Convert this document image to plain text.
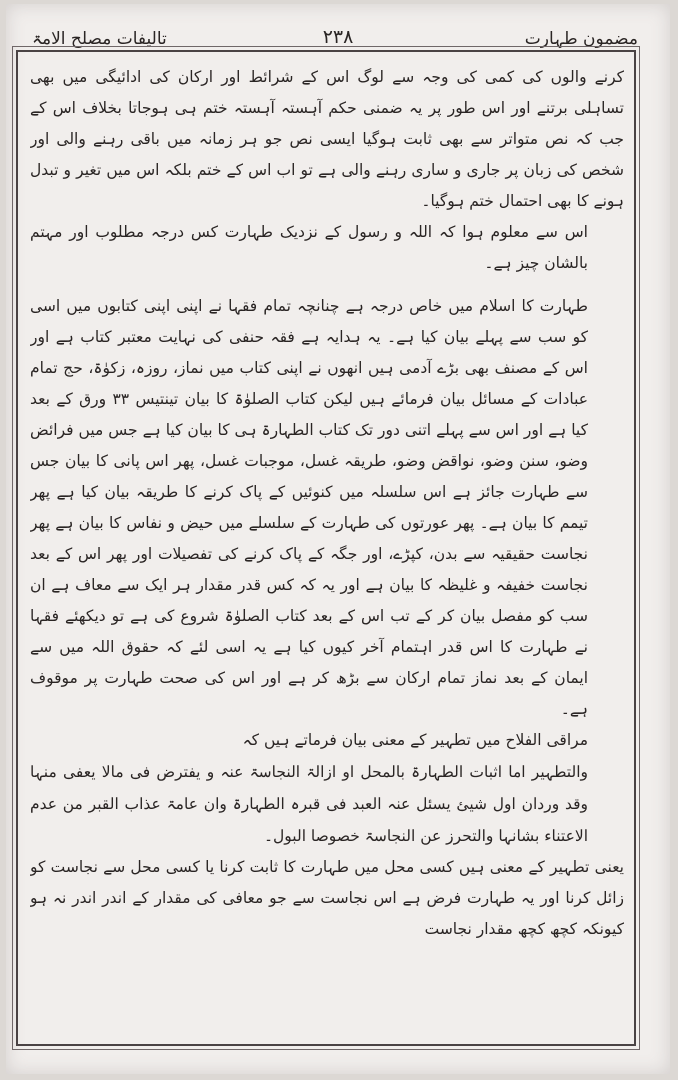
تالیفات مصلح الامۃ	۲۳۸	مضمون طہارت

کرنے والوں کی کمی کی وجہ سے لوگ اس کے شرائط اور ارکان کی ادائیگی میں بھی تساہلی برتنے اور اس طور پر یہ ضمنی حکم آہستہ آہستہ ختم ہی ہوجاتا بخلاف اس کے جب کہ نص متواتر سے بھی ثابت ہوگیا ایسی نص جو ہر زمانہ میں باقی رہنے والی اور شخص کی زبان پر جاری و ساری رہنے والی ہے تو اب اس کے ختم بلکہ اس میں تغیر و تبدل ہونے کا بھی احتمال ختم ہوگیا۔

اس سے معلوم ہوا کہ اللہ و رسول کے نزدیک طہارت کس درجہ مطلوب اور مہتم بالشان چیز ہے۔

طہارت کا اسلام میں خاص درجہ ہے چنانچہ تمام فقہا نے اپنی اپنی کتابوں میں اسی کو سب سے پہلے بیان کیا ہے۔ یہ ہدایہ ہے فقہ حنفی کی نہایت معتبر کتاب ہے اور اس کے مصنف بھی بڑے آدمی ہیں انھوں نے اپنی کتاب میں نماز، روزہ، زکوٰۃ، حج تمام عبادات کے مسائل بیان فرمائے ہیں لیکن کتاب الصلوٰۃ کا بیان تینتیس ۳۳ ورق کے بعد کیا ہے اور اس سے پہلے اتنی دور تک کتاب الطہارۃ ہی کا بیان کیا ہے جس میں فرائض وضو، سنن وضو، نواقض وضو، طریقہ غسل، موجبات غسل، پھر اس پانی کا بیان جس سے طہارت جائز ہے اس سلسلہ میں کنوئیں کے پاک کرنے کا طریقہ بیان کیا ہے پھر تیمم کا بیان ہے۔ پھر عورتوں کی طہارت کے سلسلے میں حیض و نفاس کا بیان ہے پھر نجاست حقیقیہ سے بدن، کپڑے، اور جگہ کے پاک کرنے کی تفصیلات اور پھر اس کے بعد نجاست خفیفہ و غلیظہ کا بیان ہے اور یہ کہ کس قدر مقدار ہر ایک سے معاف ہے ان سب کو مفصل بیان کر کے تب اس کے بعد کتاب الصلوٰۃ شروع کی ہے تو دیکھئے فقہا نے طہارت کا اس قدر اہتمام آخر کیوں کیا ہے یہ اسی لئے کہ حقوق اللہ میں سے ایمان کے بعد نماز تمام ارکان سے بڑھ کر ہے اور اس کی صحت طہارت پر موقوف ہے۔

مراقی الفلاح میں تطہیر کے معنی بیان فرماتے ہیں کہ

والتطہیر اما اثبات الطہارۃ بالمحل او ازالۃ النجاسۃ عنہ و یفترض فی مالا یعفی منہا وقد وردان اول شیئ یسئل عنہ العبد فی قبرہ الطہارۃ وان عامۃ عذاب القبر من عدم الاعتناء بشانہا والتحرز عن النجاسۃ خصوصا البول۔

یعنی تطہیر کے معنی ہیں کسی محل میں طہارت کا ثابت کرنا یا کسی محل سے نجاست کو زائل کرنا اور یہ طہارت فرض ہے اس نجاست سے جو معافی کی مقدار کے اندر اندر نہ ہو کیونکہ کچھ کچھ مقدار نجاست
